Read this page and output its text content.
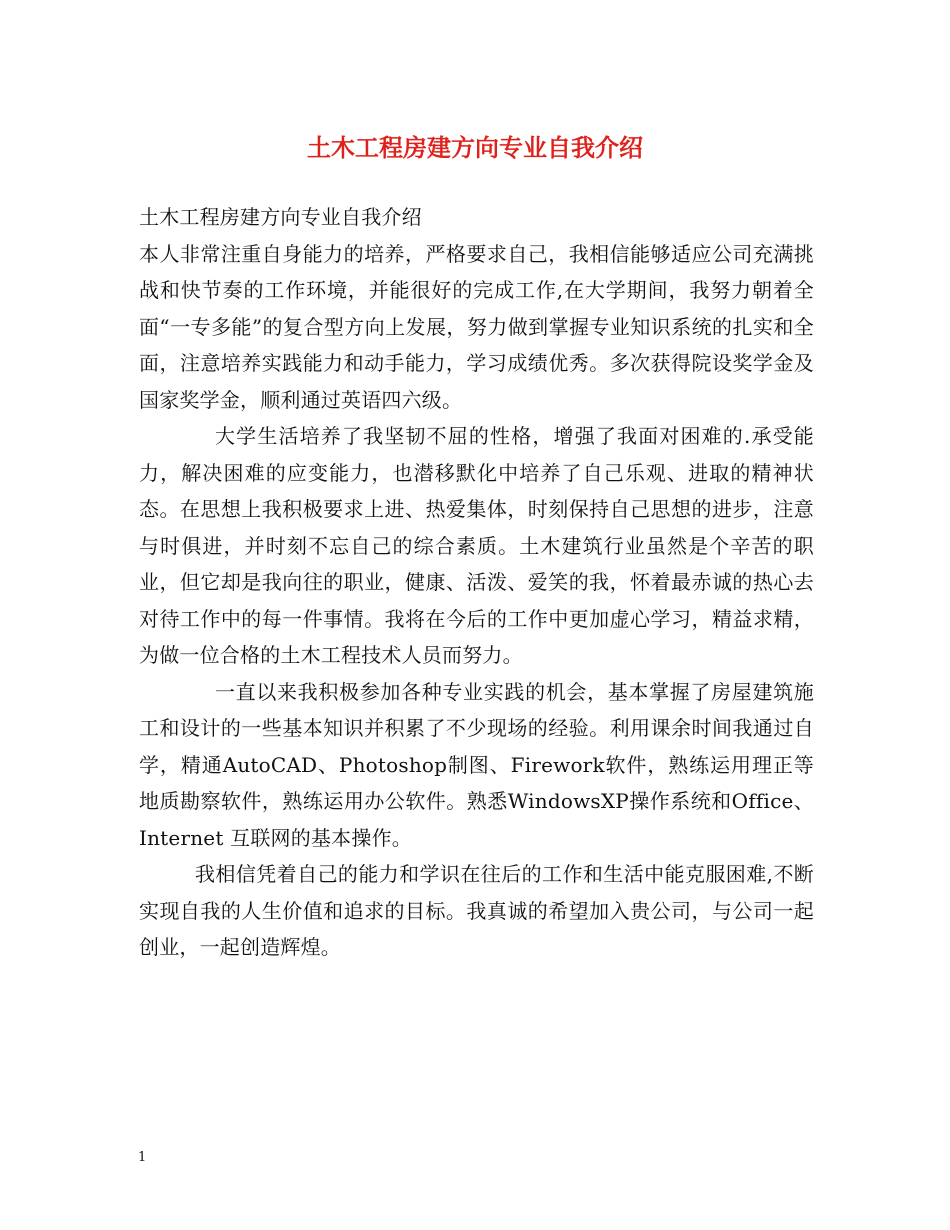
土木工程房建方向专业自我介绍

土木工程房建方向专业自我介绍

本人非常注重自身能力的培养，严格要求自己，我相信能够适应公司充满挑战和快节奏的工作环境，并能很好的完成工作,在大学期间，我努力朝着全面“一专多能”的复合型方向上发展，努力做到掌握专业知识系统的扎实和全面，注意培养实践能力和动手能力，学习成绩优秀。多次获得院设奖学金及国家奖学金，顺利通过英语四六级。

大学生活培养了我坚韧不屈的性格，增强了我面对困难的.承受能力，解决困难的应变能力，也潜移默化中培养了自己乐观、进取的精神状态。在思想上我积极要求上进、热爱集体，时刻保持自己思想的进步，注意与时俱进，并时刻不忘自己的综合素质。土木建筑行业虽然是个辛苦的职业，但它却是我向往的职业，健康、活泼、爱笑的我，怀着最赤诚的热心去对待工作中的每一件事情。我将在今后的工作中更加虚心学习，精益求精，为做一位合格的土木工程技术人员而努力。

一直以来我积极参加各种专业实践的机会，基本掌握了房屋建筑施工和设计的一些基本知识并积累了不少现场的经验。利用课余时间我通过自学，精通AutoCAD、Photoshop制图、Firework软件，熟练运用理正等地质勘察软件，熟练运用办公软件。熟悉WindowsXP操作系统和Office、Internet 互联网的基本操作。

我相信凭着自己的能力和学识在往后的工作和生活中能克服困难,不断实现自我的人生价值和追求的目标。我真诚的希望加入贵公司，与公司一起创业，一起创造辉煌。

1
